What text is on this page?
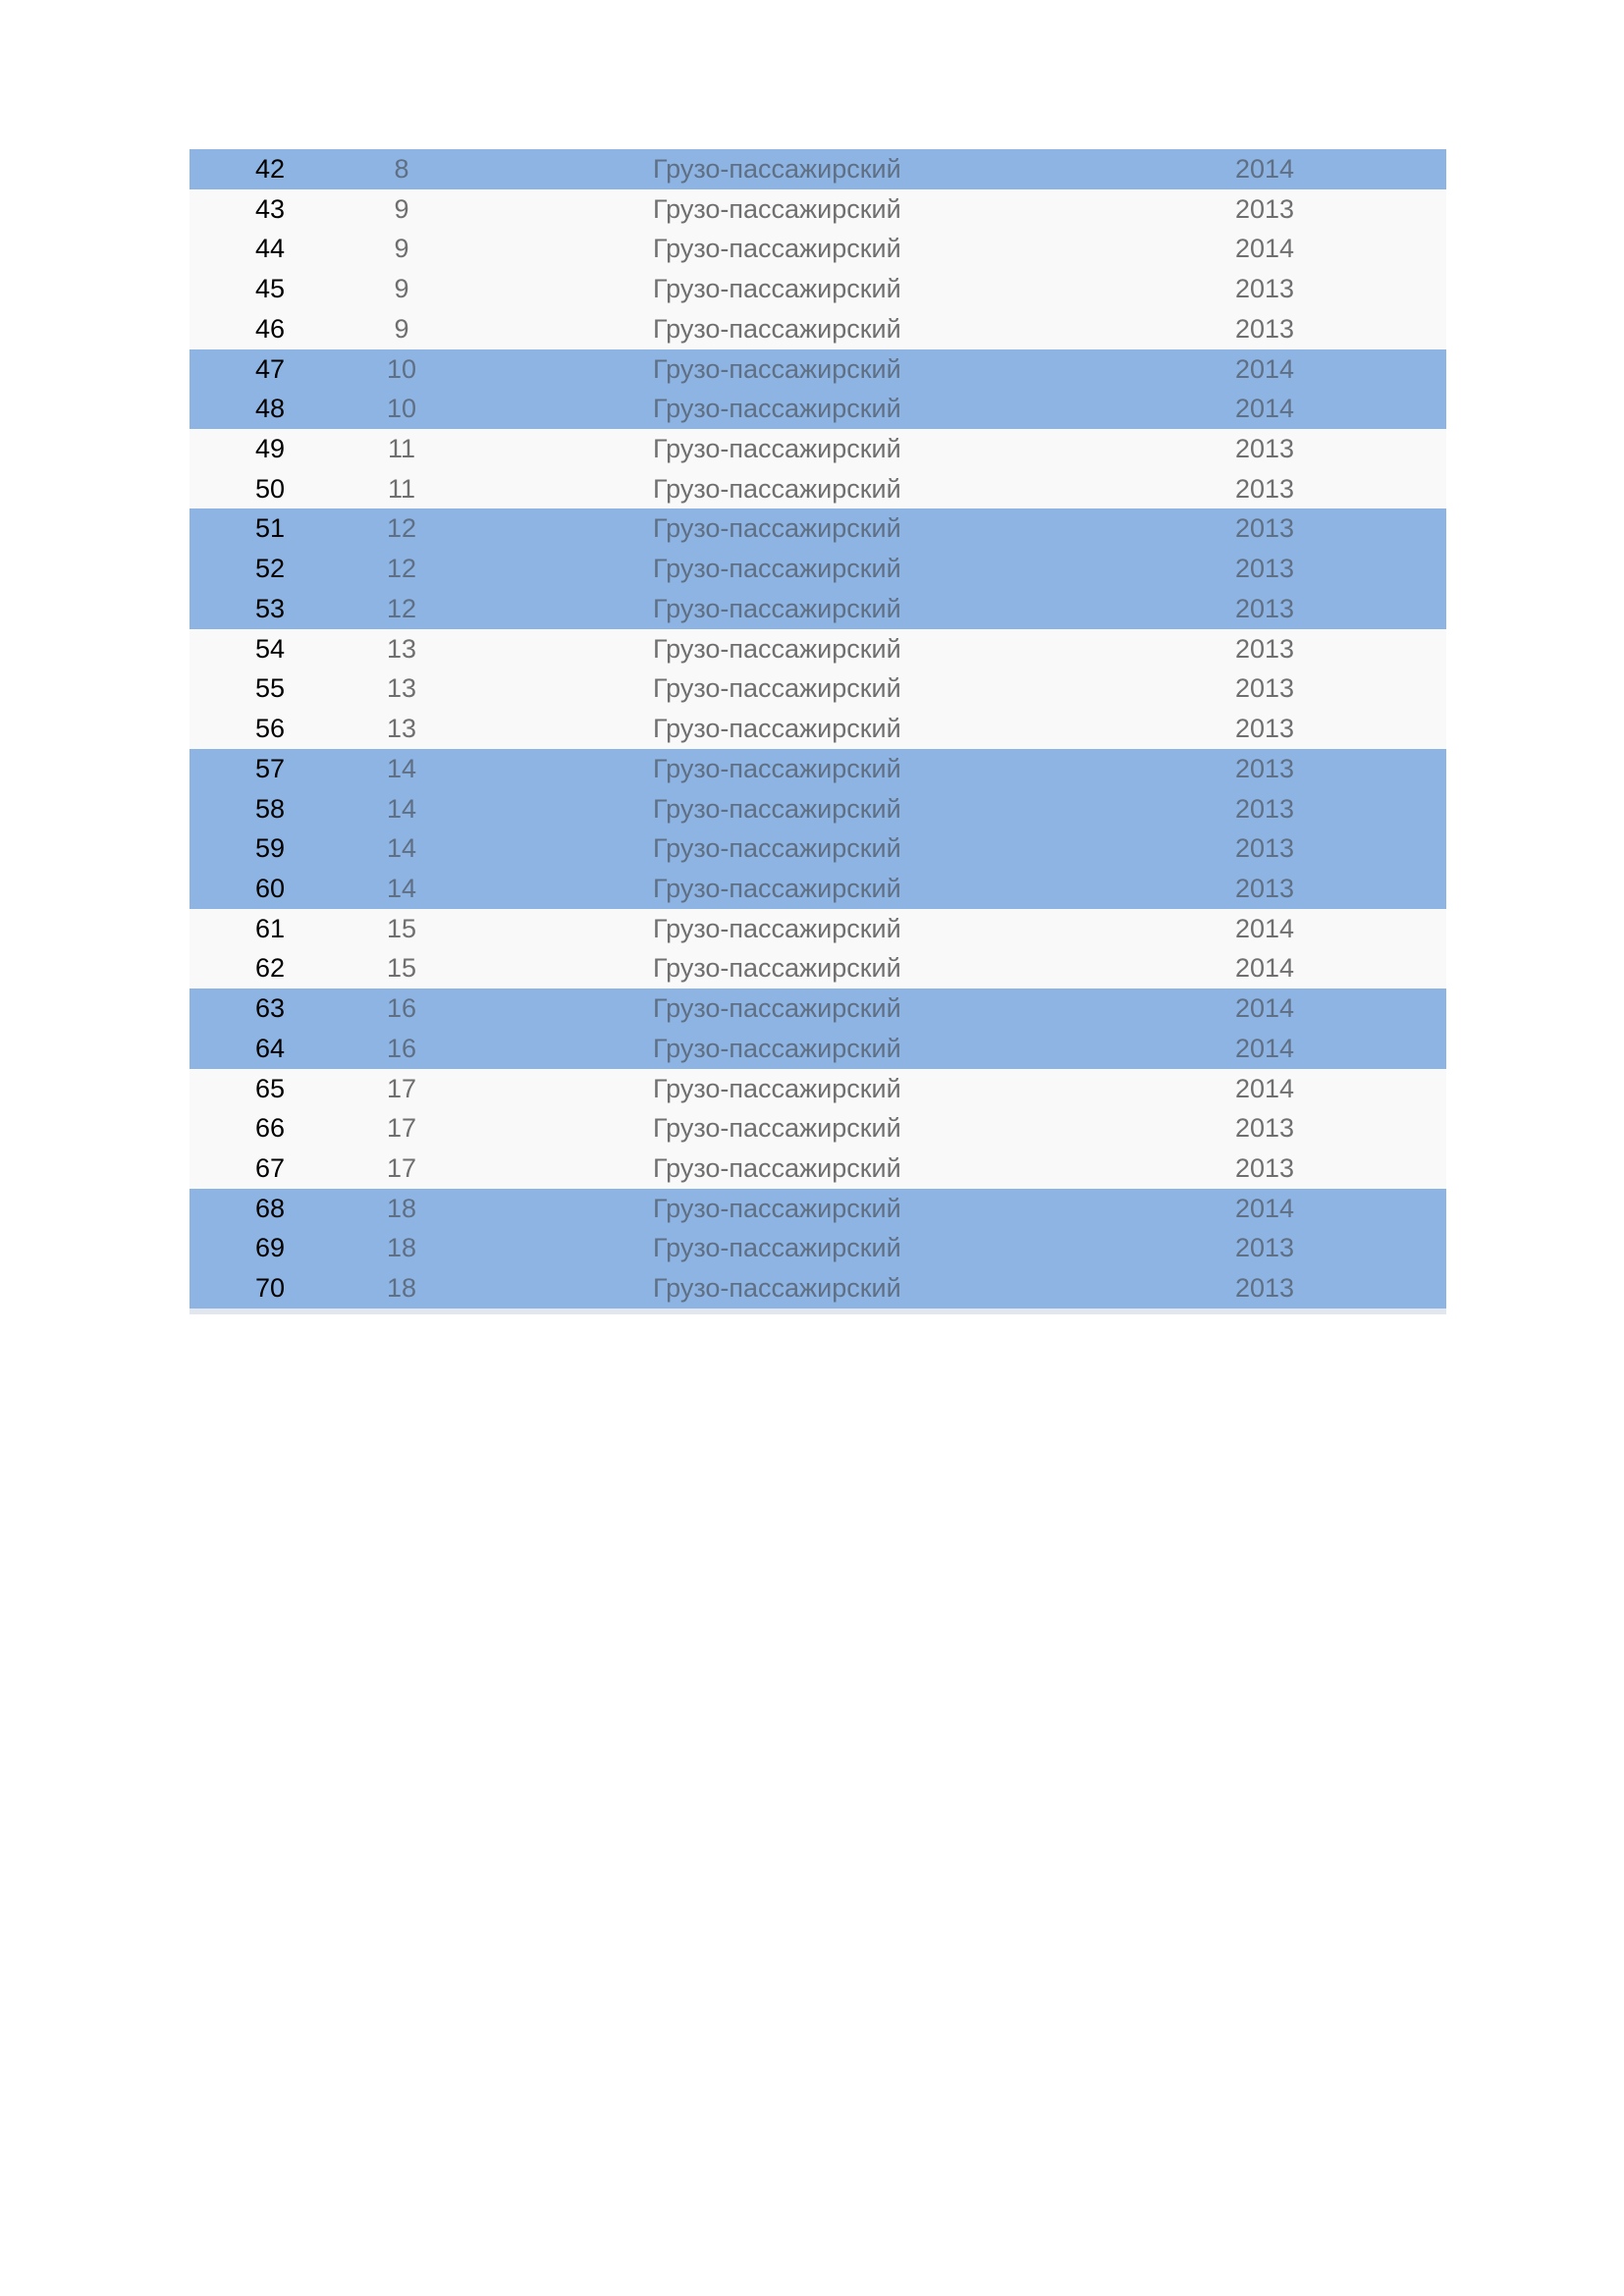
42	8	Грузо-пассажирский	2014
43	9	Грузо-пассажирский	2013
44	9	Грузо-пассажирский	2014
45	9	Грузо-пассажирский	2013
46	9	Грузо-пассажирский	2013
47	10	Грузо-пассажирский	2014
48	10	Грузо-пассажирский	2014
49	11	Грузо-пассажирский	2013
50	11	Грузо-пассажирский	2013
51	12	Грузо-пассажирский	2013
52	12	Грузо-пассажирский	2013
53	12	Грузо-пассажирский	2013
54	13	Грузо-пассажирский	2013
55	13	Грузо-пассажирский	2013
56	13	Грузо-пассажирский	2013
57	14	Грузо-пассажирский	2013
58	14	Грузо-пассажирский	2013
59	14	Грузо-пассажирский	2013
60	14	Грузо-пассажирский	2013
61	15	Грузо-пассажирский	2014
62	15	Грузо-пассажирский	2014
63	16	Грузо-пассажирский	2014
64	16	Грузо-пассажирский	2014
65	17	Грузо-пассажирский	2014
66	17	Грузо-пассажирский	2013
67	17	Грузо-пассажирский	2013
68	18	Грузо-пассажирский	2014
69	18	Грузо-пассажирский	2013
70	18	Грузо-пассажирский	2013
